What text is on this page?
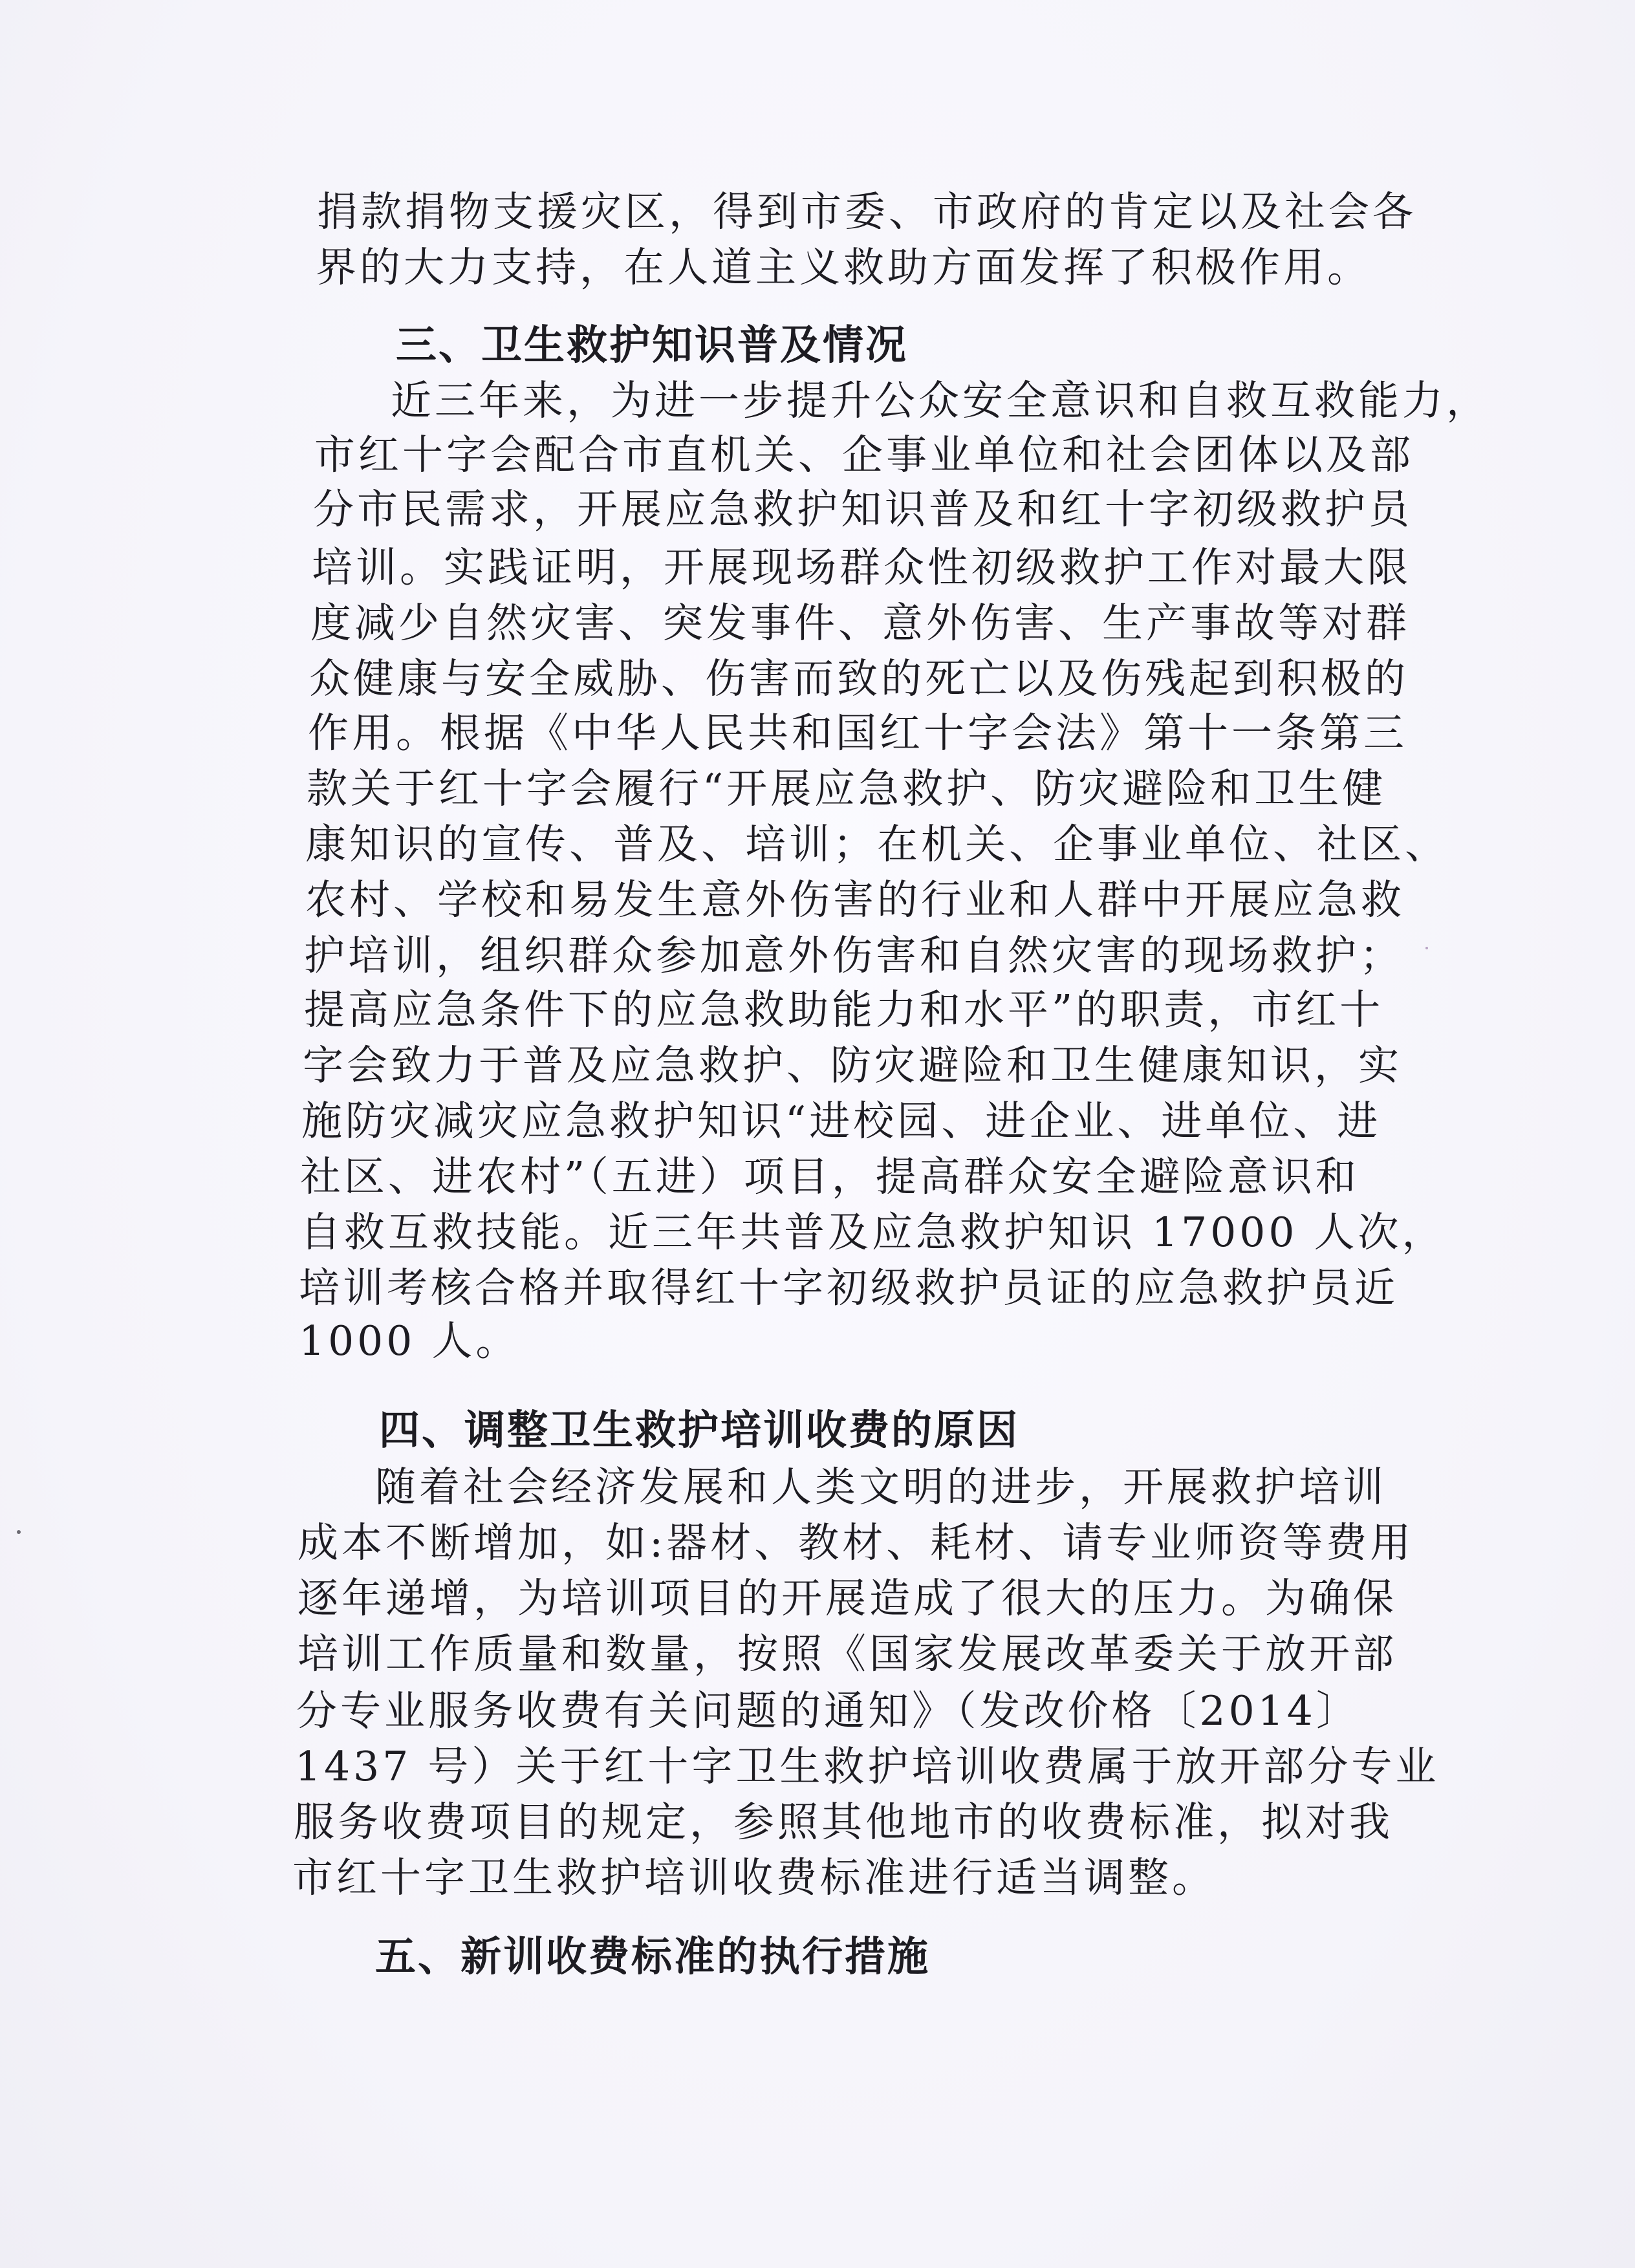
捐款捐物支援灾区，得到市委、市政府的肯定以及社会各
界的大力支持，在人道主义救助方面发挥了积极作用。
三、卫生救护知识普及情况
近三年来，为进一步提升公众安全意识和自救互救能力，
市红十字会配合市直机关、企事业单位和社会团体以及部
分市民需求，开展应急救护知识普及和红十字初级救护员
培训。实践证明，开展现场群众性初级救护工作对最大限
度减少自然灾害、突发事件、意外伤害、生产事故等对群
众健康与安全威胁、伤害而致的死亡以及伤残起到积极的
作用。根据《中华人民共和国红十字会法》第十一条第三
款关于红十字会履行“开展应急救护、防灾避险和卫生健
康知识的宣传、普及、培训；在机关、企事业单位、社区、
农村、学校和易发生意外伤害的行业和人群中开展应急救
护培训，组织群众参加意外伤害和自然灾害的现场救护；
提高应急条件下的应急救助能力和水平”的职责，市红十
字会致力于普及应急救护、防灾避险和卫生健康知识，实
施防灾减灾应急救护知识“进校园、进企业、进单位、进
社区、进农村”（五进）项目，提高群众安全避险意识和
自救互救技能。近三年共普及应急救护知识 17000 人次，
培训考核合格并取得红十字初级救护员证的应急救护员近
1000 人。
四、调整卫生救护培训收费的原因
随着社会经济发展和人类文明的进步，开展救护培训
成本不断增加，如:器材、教材、耗材、请专业师资等费用
逐年递增，为培训项目的开展造成了很大的压力。为确保
培训工作质量和数量，按照《国家发展改革委关于放开部
分专业服务收费有关问题的通知》（发改价格〔2014〕
1437 号）关于红十字卫生救护培训收费属于放开部分专业
服务收费项目的规定，参照其他地市的收费标准，拟对我
市红十字卫生救护培训收费标准进行适当调整。
五、新训收费标准的执行措施
